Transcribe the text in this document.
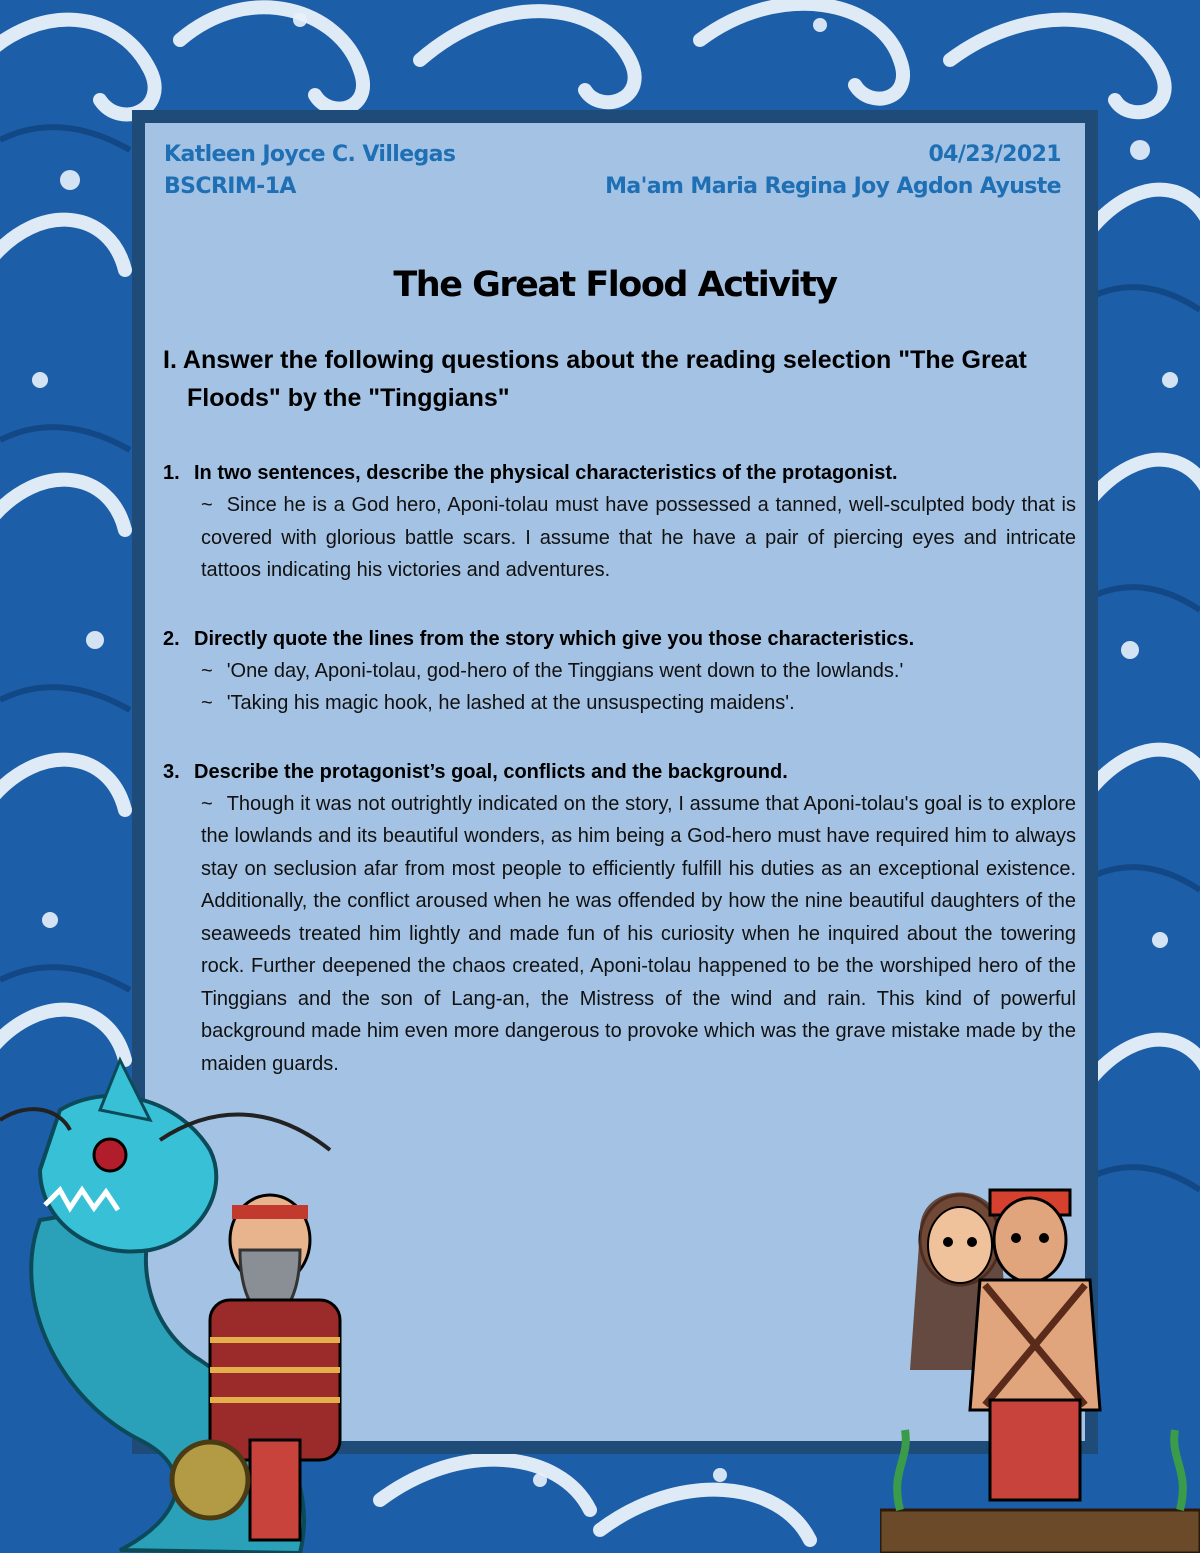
Katleen Joyce C. Villegas
BSCRIM-1A
04/23/2021
Ma'am Maria Regina Joy Agdon Ayuste
The Great Flood Activity

I. Answer the following questions about the reading selection "The Great Floods" by the "Tinggians"

1. In two sentences, describe the physical characteristics of the protagonist.

~ Since he is a God hero, Aponi-tolau must have possessed a tanned, well-sculpted body that is covered with glorious battle scars. I assume that he have a pair of piercing eyes and intricate tattoos indicating his victories and adventures.

2. Directly quote the lines from the story which give you those characteristics.

~ 'One day, Aponi-tolau, god-hero of the Tinggians went down to the lowlands.'

~ 'Taking his magic hook, he lashed at the unsuspecting maidens'.

3. Describe the protagonist’s goal, conflicts and the background.

~ Though it was not outrightly indicated on the story, I assume that Aponi-tolau's goal is to explore the lowlands and its beautiful wonders, as him being a God-hero must have required him to always stay on seclusion afar from most people to efficiently fulfill his duties as an exceptional existence. Additionally, the conflict aroused when he was offended by how the nine beautiful daughters of the seaweeds treated him lightly and made fun of his curiosity when he inquired about the towering rock. Further deepened the chaos created, Aponi-tolau happened to be the worshiped hero of the Tinggians and the son of Lang-an, the Mistress of the wind and rain. This kind of powerful background made him even more dangerous to provoke which was the grave mistake made by the maiden guards.
